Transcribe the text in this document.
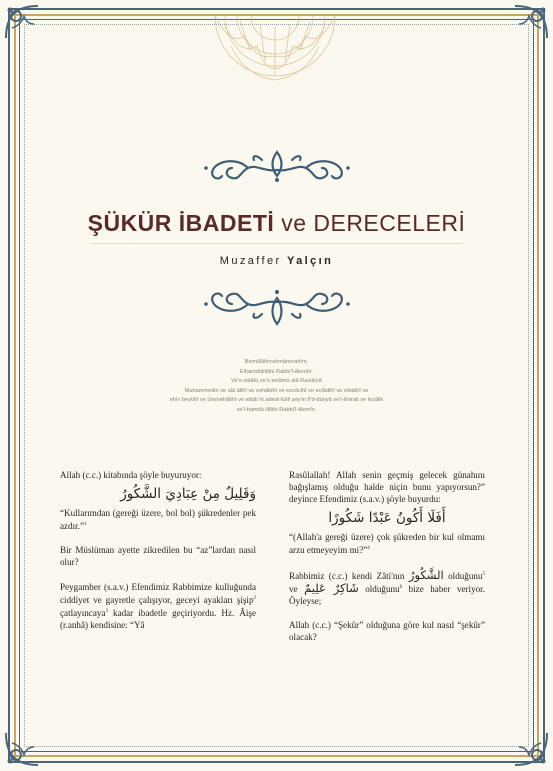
ŞÜKÜR İBADETİ ve DERECELERİ
Muzaffer Yalçın
Bismillâhirrahmânirrahîm.
Elhamdülillâhi Rabbi'l-âlemîn.
Ve's-salâtü ve's-selâmü alâ Rasûlinâ
Muhammedin ve alâ âlihî ve eshâbihî ve ezvâcihî ve evlâdihî ve etbâihî ve
ehl-i beytihî ve ümmehâtihî ve etbâi hi adedi külli şey'in fî'd-dünyâ ve'l-âhirati ve lezâlik
ve'l-hamdü lillâhi Rabbi'l-âlemîn.

Allah (c.c.) kitabında şöyle buyuruyor:

وَقَلِيلٌ مِنْ عِبَادِيَ الشَّكُورُ

“Kullarımdan (gereği üzere, bol bol) şükredenler pek azdır.”$^1$

Bir Müslüman ayette zikredilen bu “az”lardan nasıl olur?

Peygamber (s.a.v.) Efendimiz Rabbimize kulluğunda ciddiyet ve gayretle çalışıyor, geceyi ayakları şişip$^2$ çatlayıncaya$^3$ kadar ibadetle geçiriyordu. Hz. Âişe (r.anhâ) kendisine: “Yâ

Rasûlallah! Allah senin geçmiş gelecek günahını bağışlamış olduğu halde niçin bunu yapıyorsun?” deyince Efendimiz (s.a.v.) şöyle buyurdu:

أَفَلَا أَكُونُ عَبْدًا شَكُورًا

“(Allah'a gereği üzere) çok şükreden bir kul olmamı arzu etmeyeyim mi?”$^4$

Rabbimiz (c.c.) kendi Zâti'nın الشَّكُورُ olduğunu$^5$ ve شَاكِرٌ عَلِيمٌ olduğunu$^6$ bize haber veriyor. Öyleyse;

Allah (c.c.) “Şekûr” olduğuna göre kul nasıl “şekûr” olacak?
